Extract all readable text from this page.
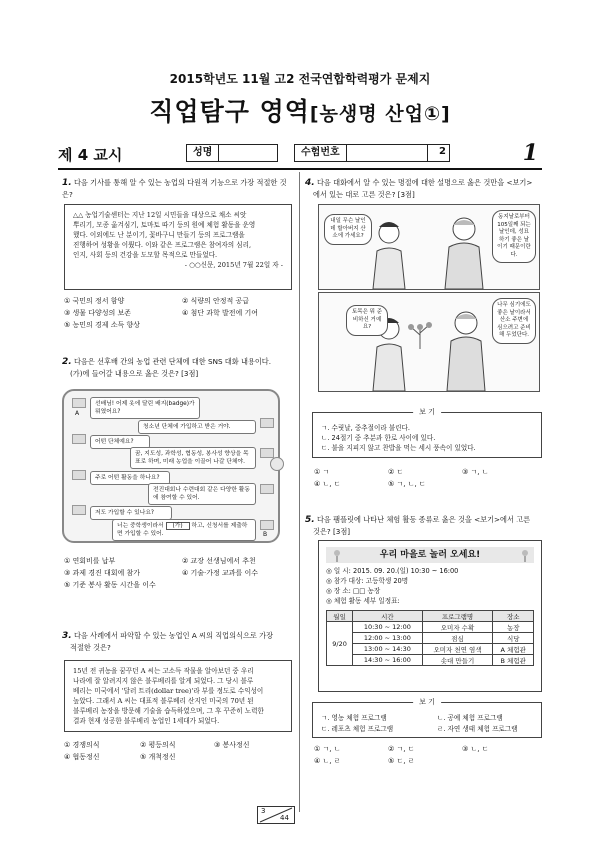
2015학년도 11월 고2 전국연합학력평가 문제지
직업탐구 영역[농생명 산업①]
제 4 교시	성명	수험번호	2	1
1. 다음 기사를 통해 알 수 있는 농업의 다원적 기능으로 가장 적절한 것은?
△△ 농업기술센터는 지난 12일 시민들을 대상으로 채소 씨앗
뿌리기, 모종 옮겨심기, 토마토 따기 등의 원예 체험 활동을 운영
했다. 이외에도 난 분이기, 꽃바구니 만들기 등의 프로그램을
진행하여 성황을 이뤘다. 이와 같은 프로그램은 참여자의 심리,
인지, 사회 등의 건강을 도모할 목적으로 만들었다.
- ○○신문, 2015년 7월 22일 자 -
① 국민의 정서 함양	② 식량의 안정적 공급
③ 생물 다양성의 보존	④ 첨단 과학 발전에 기여
⑤ 농민의 경제 소득 향상
2. 다음은 선후배 간의 농업 관련 단체에 대한 SNS 대화 내용이다.
(가)에 들어갈 내용으로 옳은 것은? [3점]
A
선배님! 어제 옷에 달린 배지(badge)가 뭐였어요?
청소년 단체에 가입하고 받은 거야.
어떤 단체예요?
꿈, 지도성, 과학성, 협동성, 봉사성 향상을 목표로 하며, 미래 농업을 이끌어 나갈 단체야.
주로 어떤 활동을 하나요?
전진대회나 수련대회 같은 다양한 활동에 참여할 수 있어.
저도 가입할 수 있나요?
너는 중학생이라서 (가) 하고, 신청서를 제출하면 가입할 수 있어.	B
① 연회비를 납부	② 교장 선생님에서 추천
③ 과제 경진 대회에 참가	④ 기술·가정 교과를 이수
⑤ 기준 봉사 활동 시간을 이수
3. 다음 사례에서 파악할 수 있는 농업인 A 씨의 직업의식으로 가장
적절한 것은?
15년 전 귀농을 꿈꾸던 A 씨는 고소득 작물을 알아보던 중 우리
나라에 잘 알려지지 않은 블루베리를 알게 되었다. 그 당시 블루
베리는 미국에서 '달러 트리(dollar tree)'라 부를 정도로 수익성이
높았다. 그래서 A 씨는 대표적 블루베리 산지인 미국의 70년 된
블루베리 농장을 방문해 기술을 습득하였으며, 그 후 꾸준히 노력한
결과 현재 성공한 블루베리 농업인 1세대가 되었다.
① 경쟁의식	② 평등의식	③ 봉사정신
④ 협동정신	⑤ 개척정신
4. 다음 대화에서 알 수 있는 명절에 대한 설명으로 옳은 것만을 <보기>
에서 있는 대로 고른 것은? [3점]
내일 무슨 날인데 할아버지 산소에 가세요?
동지날로부터 105일째 되는 날인데, 성묘하기 좋은 날이기 때문이란다.
토목은 뭐 준비하신 거예요?
나무 심기에도 좋은 날이라서 산소 주변에 심으려고 준비해 두었단다.
보 기
ㄱ. 수릿날, 중추절이라 불린다.
ㄴ. 24절기 중 추분과 한로 사이에 있다.
ㄷ. 불을 지피지 않고 찬밥을 먹는 세시 풍속이 있었다.
① ㄱ	② ㄷ	③ ㄱ, ㄴ
④ ㄴ, ㄷ	⑤ ㄱ, ㄴ, ㄷ
5. 다음 팸플릿에 나타난 체험 활동 종류로 옳은 것을 <보기>에서 고른
것은? [3점]
우리 마을로 놀러 오세요!
◎ 일 시: 2015. 09. 20.(일) 10:30 ~ 16:00
◎ 참가 대상: 고등학생 20명
◎ 장 소: □□ 농장
◎ 체험 활동 세부 일정표:
월일	시간	프로그램명	장소
9/20	10:30 ~ 12:00	오미자 수확	농장
	12:00 ~ 13:00	점심	식당
	13:00 ~ 14:30	오미자 천연 염색	A 체험관
	14:30 ~ 16:00	솟대 만들기	B 체험관
보 기
ㄱ. 영농 체험 프로그램	ㄴ. 공예 체험 프로그램
ㄷ. 레포츠 체험 프로그램	ㄹ. 자연 생태 체험 프로그램
① ㄱ, ㄴ	② ㄱ, ㄷ	③ ㄴ, ㄷ
④ ㄴ, ㄹ	⑤ ㄷ, ㄹ
3
44
